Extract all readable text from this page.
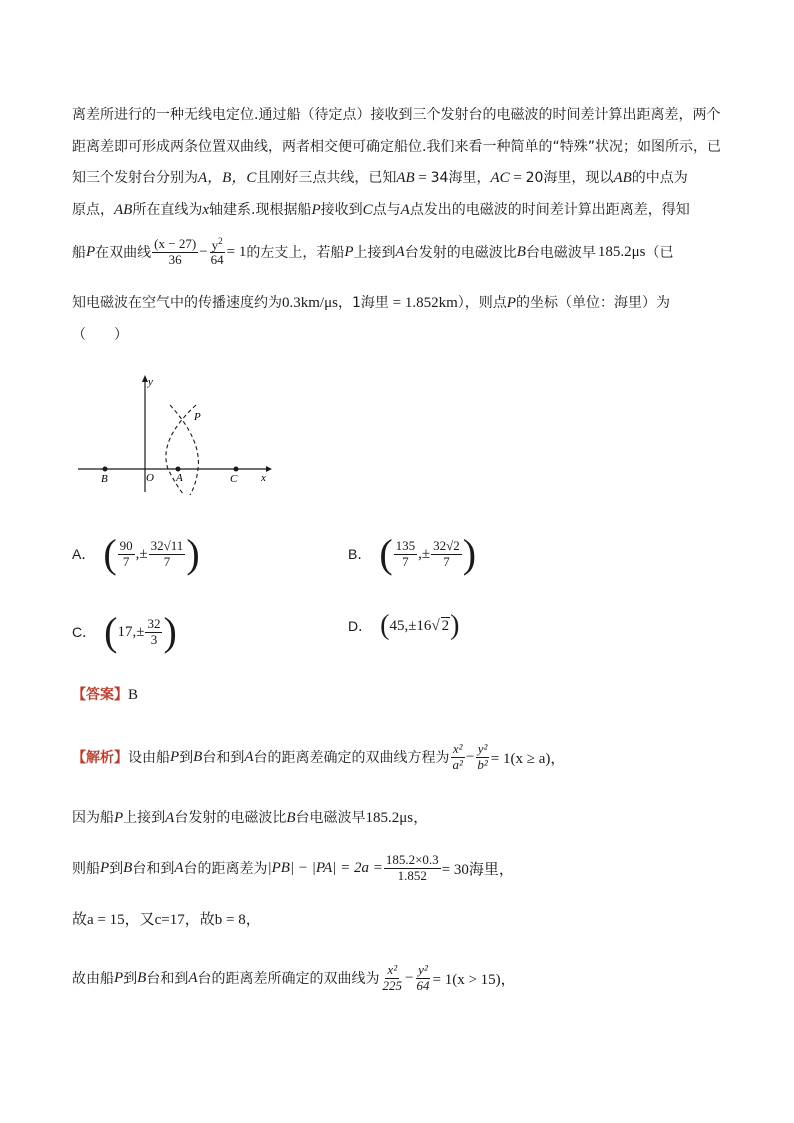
离差所进行的一种无线电定位.通过船（待定点）接收到三个发射台的电磁波的时间差计算出距离差，两个
距离差即可形成两条位置双曲线，两者相交便可确定船位.我们来看一种简单的“特殊”状况；如图所示，已
知三个发射台分别为A，B，C且刚好三点共线，已知AB = 34海里，AC = 20海里，现以AB的中点为
原点，AB所在直线为x轴建系.现根据船P接收到C点与A点发出的电磁波的时间差计算出距离差，得知
船 P 在双曲线 $\frac{(x - 27)}{36} - \frac{y^2}{64} = 1$ 的左支上，若船 P 上接到 A 台发射的电磁波比 B 台电磁波早 185.2μs （已
知电磁波在空气中的传播速度约为0.3km/μs，1海里 = 1.852km），则点P的坐标（单位：海里）为
（　　）
y
x
O A
B	C
P
A． ( $\frac{90}{7}$ , ± $\frac{32√11}{7}$ )	B． ( $\frac{135}{7}$ , ± $\frac{32√2}{7}$ )
C． ( 17, ± $\frac{32}{3}$ )	D． ( 45, ±16 √ 2 )
【答案】B
【解析】 设由船 P 到 B 台和到 A 台的距离差确定的双曲线方程为 $\frac{\text{x²}}{\text{a²}} - \frac{\text{y²}}{\text{b²}} = 1(x \ge a)$，
因为船P上接到A台发射的电磁波比B台电磁波早185.2μs，
则船 P 到 B 台和到 A 台的距离差为 $|PB| - |PA| = 2a = \frac{185.2\times 0.3}{1.852} = 30$海里，
故a = 15，又c=17，故b = 8，
故由船 P 到 B 台和到 A 台的距离差所确定的双曲线为 $\frac{\text{x²}}{225} - \frac{\text{y²}}{64} = 1(x > 15)$，
